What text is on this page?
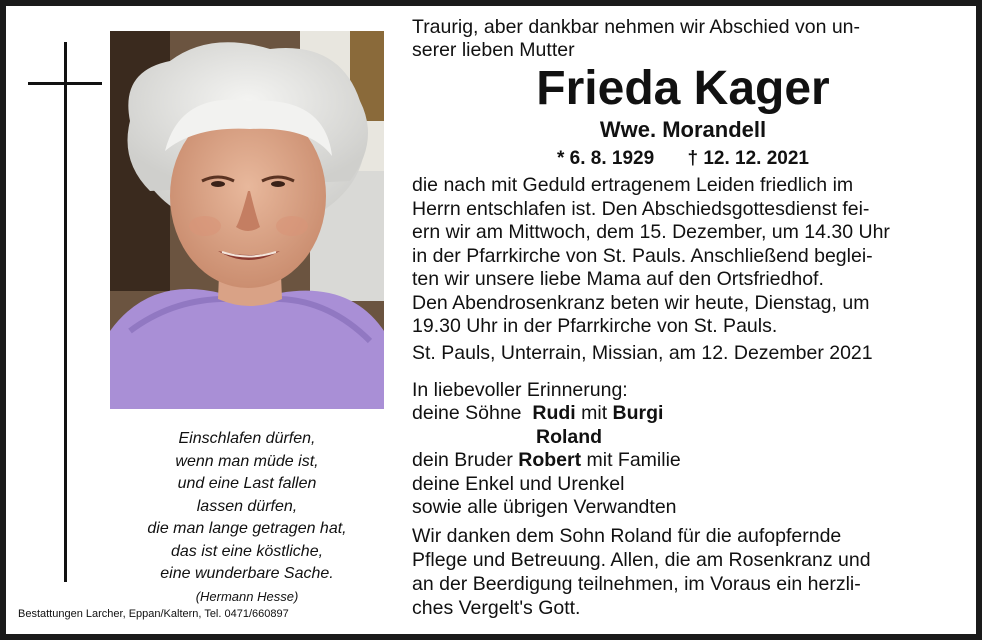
Einschlafen dürfen,
wenn man müde ist,
und eine Last fallen
lassen dürfen,
die man lange getragen hat,
das ist eine köstliche,
eine wunderbare Sache.
(Hermann Hesse)
Bestattungen Larcher, Eppan/Kaltern, Tel. 0471/660897
Traurig, aber dankbar nehmen wir Abschied von un-
serer lieben Mutter
Frieda Kager
Wwe. Morandell
* 6. 8. 1929 † 12. 12. 2021
die nach mit Geduld ertragenem Leiden friedlich im
Herrn entschlafen ist. Den Abschiedsgottesdienst fei-
ern wir am Mittwoch, dem 15. Dezember, um 14.30 Uhr
in der Pfarrkirche von St. Pauls. Anschließend beglei-
ten wir unsere liebe Mama auf den Ortsfriedhof.
Den Abendrosenkranz beten wir heute, Dienstag, um
19.30 Uhr in der Pfarrkirche von St. Pauls.
St. Pauls, Unterrain, Missian, am 12. Dezember 2021
In liebevoller Erinnerung:
deine Söhne Rudi mit Burgi
Roland
dein Bruder Robert mit Familie
deine Enkel und Urenkel
sowie alle übrigen Verwandten
Wir danken dem Sohn Roland für die aufopfernde
Pflege und Betreuung. Allen, die am Rosenkranz und
an der Beerdigung teilnehmen, im Voraus ein herzli-
ches Vergelt's Gott.
